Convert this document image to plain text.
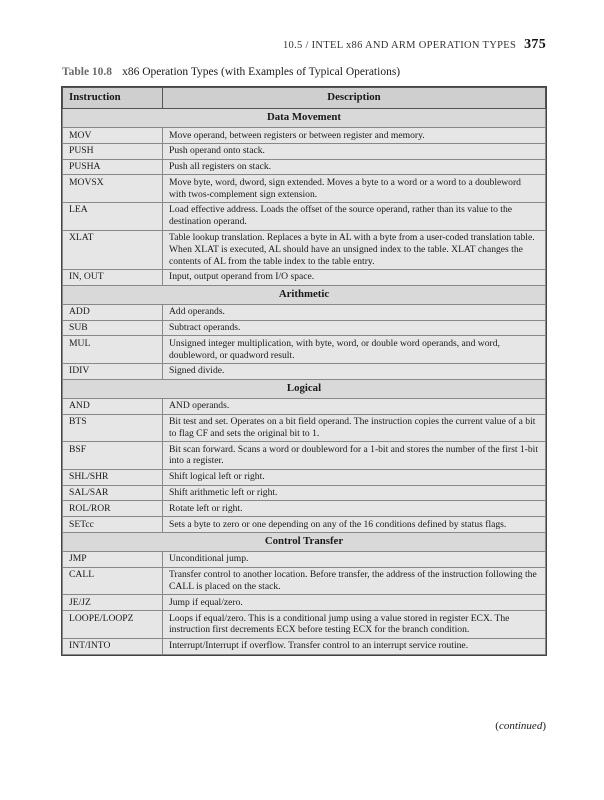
10.5 / INTEL x86 AND ARM OPERATION TYPES 375
Table 10.8 x86 Operation Types (with Examples of Typical Operations)
Instruction	Description
Data Movement	
MOV	Move operand, between registers or between register and memory.
PUSH	Push operand onto stack.
PUSHA	Push all registers on stack.
MOVSX	Move byte, word, dword, sign extended. Moves a byte to a word or a word to a doubleword with twos-complement sign extension.
LEA	Load effective address. Loads the offset of the source operand, rather than its value to the destination operand.
XLAT	Table lookup translation. Replaces a byte in AL with a byte from a user-coded translation table. When XLAT is executed, AL should have an unsigned index to the table. XLAT changes the contents of AL from the table index to the table entry.
IN, OUT	Input, output operand from I/O space.
Arithmetic	
ADD	Add operands.
SUB	Subtract operands.
MUL	Unsigned integer multiplication, with byte, word, or double word operands, and word, doubleword, or quadword result.
IDIV	Signed divide.
Logical	
AND	AND operands.
BTS	Bit test and set. Operates on a bit field operand. The instruction copies the current value of a bit to flag CF and sets the original bit to 1.
BSF	Bit scan forward. Scans a word or doubleword for a 1-bit and stores the number of the first 1-bit into a register.
SHL/SHR	Shift logical left or right.
SAL/SAR	Shift arithmetic left or right.
ROL/ROR	Rotate left or right.
SETcc	Sets a byte to zero or one depending on any of the 16 conditions defined by status flags.
Control Transfer	
JMP	Unconditional jump.
CALL	Transfer control to another location. Before transfer, the address of the instruction following the CALL is placed on the stack.
JE/JZ	Jump if equal/zero.
LOOPE/LOOPZ	Loops if equal/zero. This is a conditional jump using a value stored in register ECX. The instruction first decrements ECX before testing ECX for the branch condition.
INT/INTO	Interrupt/Interrupt if overflow. Transfer control to an interrupt service routine.
(continued)
